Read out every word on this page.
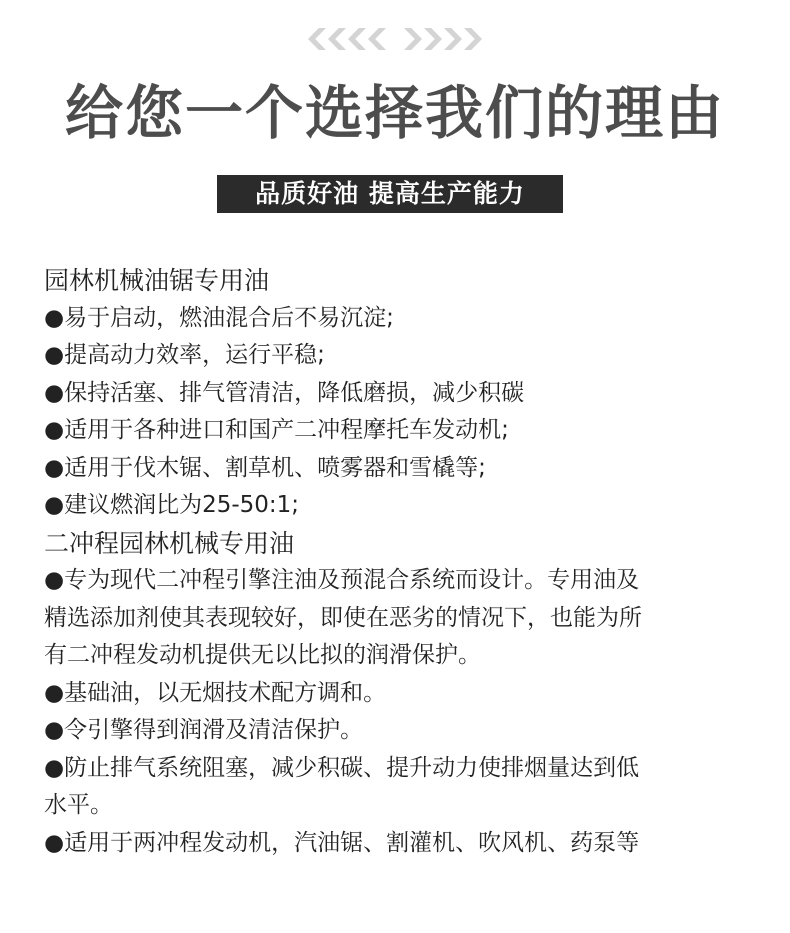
给您一个选择我们的理由
品质好油 提高生产能力
园林机械油锯专用油
●易于启动，燃油混合后不易沉淀;
●提高动力效率，运行平稳;
●保持活塞、排气管清洁，降低磨损，减少积碳
●适用于各种进口和国产二冲程摩托车发动机;
●适用于伐木锯、割草机、喷雾器和雪橇等;
●建议燃润比为25-50:1;
二冲程园林机械专用油
●专为现代二冲程引擎注油及预混合系统而设计。专用油及
精选添加剂使其表现较好，即使在恶劣的情况下，也能为所
有二冲程发动机提供无以比拟的润滑保护。
●基础油，以无烟技术配方调和。
●令引擎得到润滑及清洁保护。
●防止排气系统阻塞，减少积碳、提升动力使排烟量达到低
水平。
●适用于两冲程发动机，汽油锯、割灌机、吹风机、药泵等
